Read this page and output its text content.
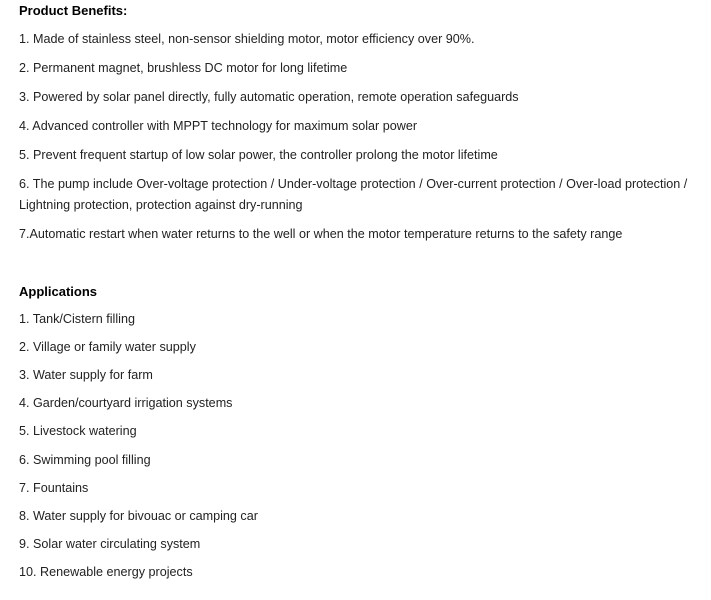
Product Benefits:
1. Made of stainless steel, non-sensor shielding motor, motor efficiency over 90%.
2. Permanent magnet, brushless DC motor for long lifetime
3. Powered by solar panel directly, fully automatic operation, remote operation safeguards
4. Advanced controller with MPPT technology for maximum solar power
5. Prevent frequent startup of low solar power, the controller prolong the motor lifetime
6. The pump include Over-voltage protection / Under-voltage protection / Over-current protection / Over-load protection / Lightning protection, protection against dry-running
7.Automatic restart when water returns to the well or when the motor temperature returns to the safety range
Applications
1. Tank/Cistern filling
2. Village or family water supply
3. Water supply for farm
4. Garden/courtyard irrigation systems
5. Livestock watering
6. Swimming pool filling
7. Fountains
8. Water supply for bivouac or camping car
9. Solar water circulating system
10. Renewable energy projects
